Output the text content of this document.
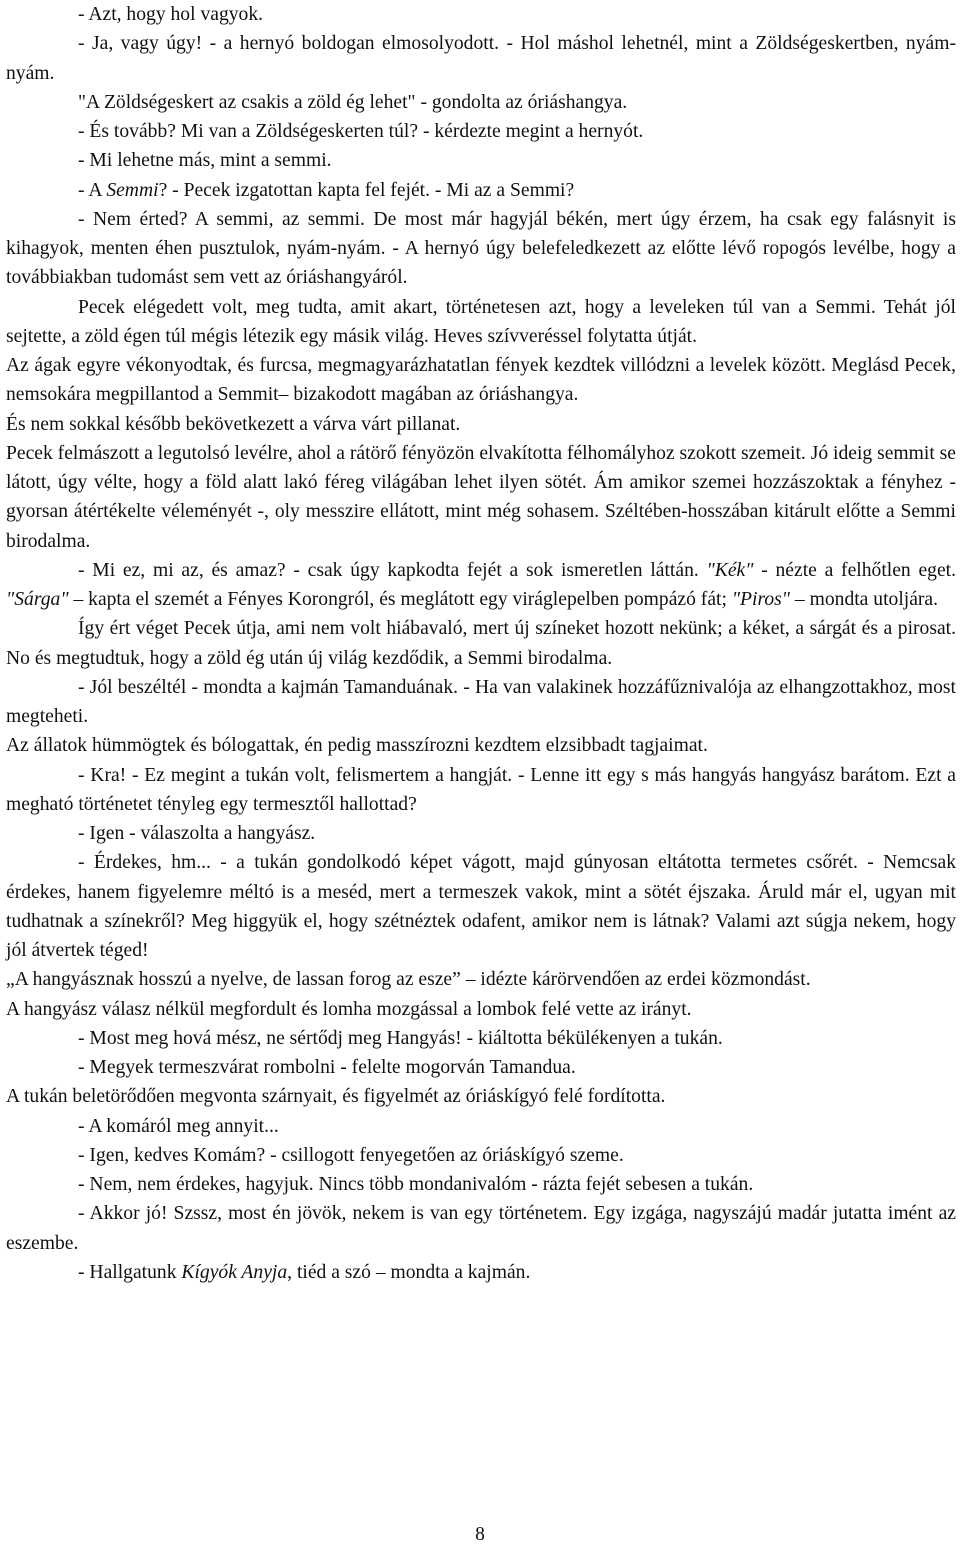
- Azt, hogy hol vagyok.

- Ja, vagy úgy! - a hernyó boldogan elmosolyodott. - Hol máshol lehetnél, mint a Zöldségeskertben, nyám-nyám.

"A Zöldségeskert az csakis a zöld ég lehet" - gondolta az óriáshangya.

- És tovább? Mi van a Zöldségeskerten túl? - kérdezte megint a hernyót.

- Mi lehetne más, mint a semmi.

- A Semmi? - Pecek izgatottan kapta fel fejét. - Mi az a Semmi?

- Nem érted? A semmi, az semmi. De most már hagyjál békén, mert úgy érzem, ha csak egy falásnyit is kihagyok, menten éhen pusztulok, nyám-nyám. - A hernyó úgy belefeledkezett az előtte lévő ropogós levélbe, hogy a továbbiakban tudomást sem vett az óriáshangyáról.

Pecek elégedett volt, meg tudta, amit akart, történetesen azt, hogy a leveleken túl van a Semmi. Tehát jól sejtette, a zöld égen túl mégis létezik egy másik világ. Heves szívveréssel folytatta útját.

Az ágak egyre vékonyodtak, és furcsa, megmagyarázhatatlan fények kezdtek villódzni a levelek között. Meglásd Pecek, nemsokára megpillantod a Semmit– bizakodott magában az óriáshangya.

És nem sokkal később bekövetkezett a várva várt pillanat.

Pecek felmászott a legutolsó levélre, ahol a rátörő fényözön elvakította félhomályhoz szokott szemeit. Jó ideig semmit se látott, úgy vélte, hogy a föld alatt lakó féreg világában lehet ilyen sötét. Ám amikor szemei hozzászoktak a fényhez - gyorsan átértékelte véleményét -, oly messzire ellátott, mint még sohasem. Széltében-hosszában kitárult előtte a Semmi birodalma.

- Mi ez, mi az, és amaz? - csak úgy kapkodta fejét a sok ismeretlen láttán. "Kék" - nézte a felhőtlen eget. "Sárga" – kapta el szemét a Fényes Korongról, és meglátott egy viráglepelben pompázó fát; "Piros" – mondta utoljára.

Így ért véget Pecek útja, ami nem volt hiábavaló, mert új színeket hozott nekünk; a kéket, a sárgát és a pirosat. No és megtudtuk, hogy a zöld ég után új világ kezdődik, a Semmi birodalma.

- Jól beszéltél - mondta a kajmán Tamanduának. - Ha van valakinek hozzáfűznivalója az elhangzottakhoz, most megteheti.

Az állatok hümmögtek és bólogattak, én pedig masszírozni kezdtem elzsibbadt tagjaimat.

- Kra! - Ez megint a tukán volt, felismertem a hangját. - Lenne itt egy s más hangyás hangyász barátom. Ezt a megható történetet tényleg egy termesztől hallottad?

- Igen - válaszolta a hangyász.

- Érdekes, hm... - a tukán gondolkodó képet vágott, majd gúnyosan eltátotta termetes csőrét. - Nemcsak érdekes, hanem figyelemre méltó is a meséd, mert a termeszek vakok, mint a sötét éjszaka. Áruld már el, ugyan mit tudhatnak a színekről? Meg higgyük el, hogy szétnéztek odafent, amikor nem is látnak? Valami azt súgja nekem, hogy jól átvertek téged!

„A hangyásznak hosszú a nyelve, de lassan forog az esze” – idézte kárörvendően az erdei közmondást.

A hangyász válasz nélkül megfordult és lomha mozgással a lombok felé vette az irányt.

- Most meg hová mész, ne sértődj meg Hangyás! - kiáltotta békülékenyen a tukán.

- Megyek termeszvárat rombolni - felelte mogorván Tamandua.

A tukán beletörődően megvonta szárnyait, és figyelmét az óriáskígyó felé fordította.

- A komáról meg annyit...

- Igen, kedves Komám? - csillogott fenyegetően az óriáskígyó szeme.

- Nem, nem érdekes, hagyjuk. Nincs több mondanivalóm - rázta fejét sebesen a tukán.

- Akkor jó! Szssz, most én jövök, nekem is van egy történetem. Egy izgága, nagyszájú madár jutatta imént az eszembe.

- Hallgatunk Kígyók Anyja, tiéd a szó – mondta a kajmán.

8
